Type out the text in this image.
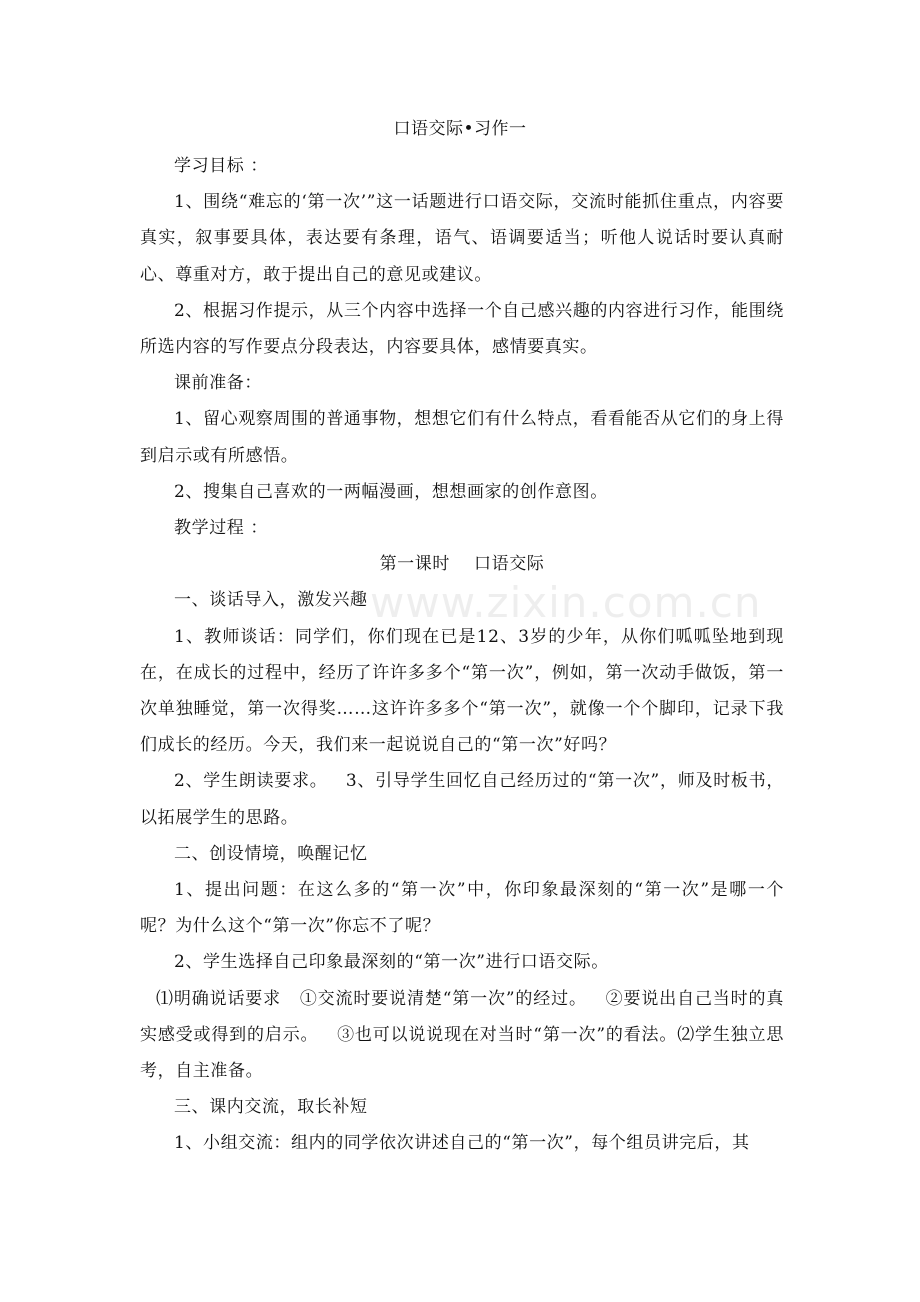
www.zixin.com.cn
口语交际•习作一

学习目标 ：

1、围绕“难忘的‘第一次’”这一话题进行口语交际，交流时能抓住重点，内容要真实，叙事要具体，表达要有条理，语气、语调要适当；听他人说话时要认真耐心、尊重对方，敢于提出自己的意见或建议。

2、根据习作提示，从三个内容中选择一个自己感兴趣的内容进行习作，能围绕所选内容的写作要点分段表达，内容要具体，感情要真实。

课前准备：

1、留心观察周围的普通事物，想想它们有什么特点，看看能否从它们的身上得到启示或有所感悟。

2、搜集自己喜欢的一两幅漫画，想想画家的创作意图。

教学过程 ：

第一课时    口语交际

一、谈话导入，激发兴趣

1、教师谈话：同学们，你们现在已是12、3岁的少年，从你们呱呱坠地到现在，在成长的过程中，经历了许许多多个“第一次”，例如，第一次动手做饭，第一次单独睡觉，第一次得奖……这许许多多个“第一次”，就像一个个脚印，记录下我们成长的经历。今天，我们来一起说说自己的“第一次”好吗？

2、学生朗读要求。   3、引导学生回忆自己经历过的“第一次”，师及时板书，以拓展学生的思路。

二、创设情境，唤醒记忆

1、提出问题：在这么多的“第一次”中，你印象最深刻的“第一次”是哪一个呢？为什么这个“第一次”你忘不了呢？

2、学生选择自己印象最深刻的“第一次”进行口语交际。

⑴明确说话要求   ①交流时要说清楚“第一次”的经过。   ②要说出自己当时的真实感受或得到的启示。   ③也可以说说现在对当时“第一次”的看法。⑵学生独立思考，自主准备。

三、课内交流，取长补短

1、小组交流：组内的同学依次讲述自己的“第一次”，每个组员讲完后，其
